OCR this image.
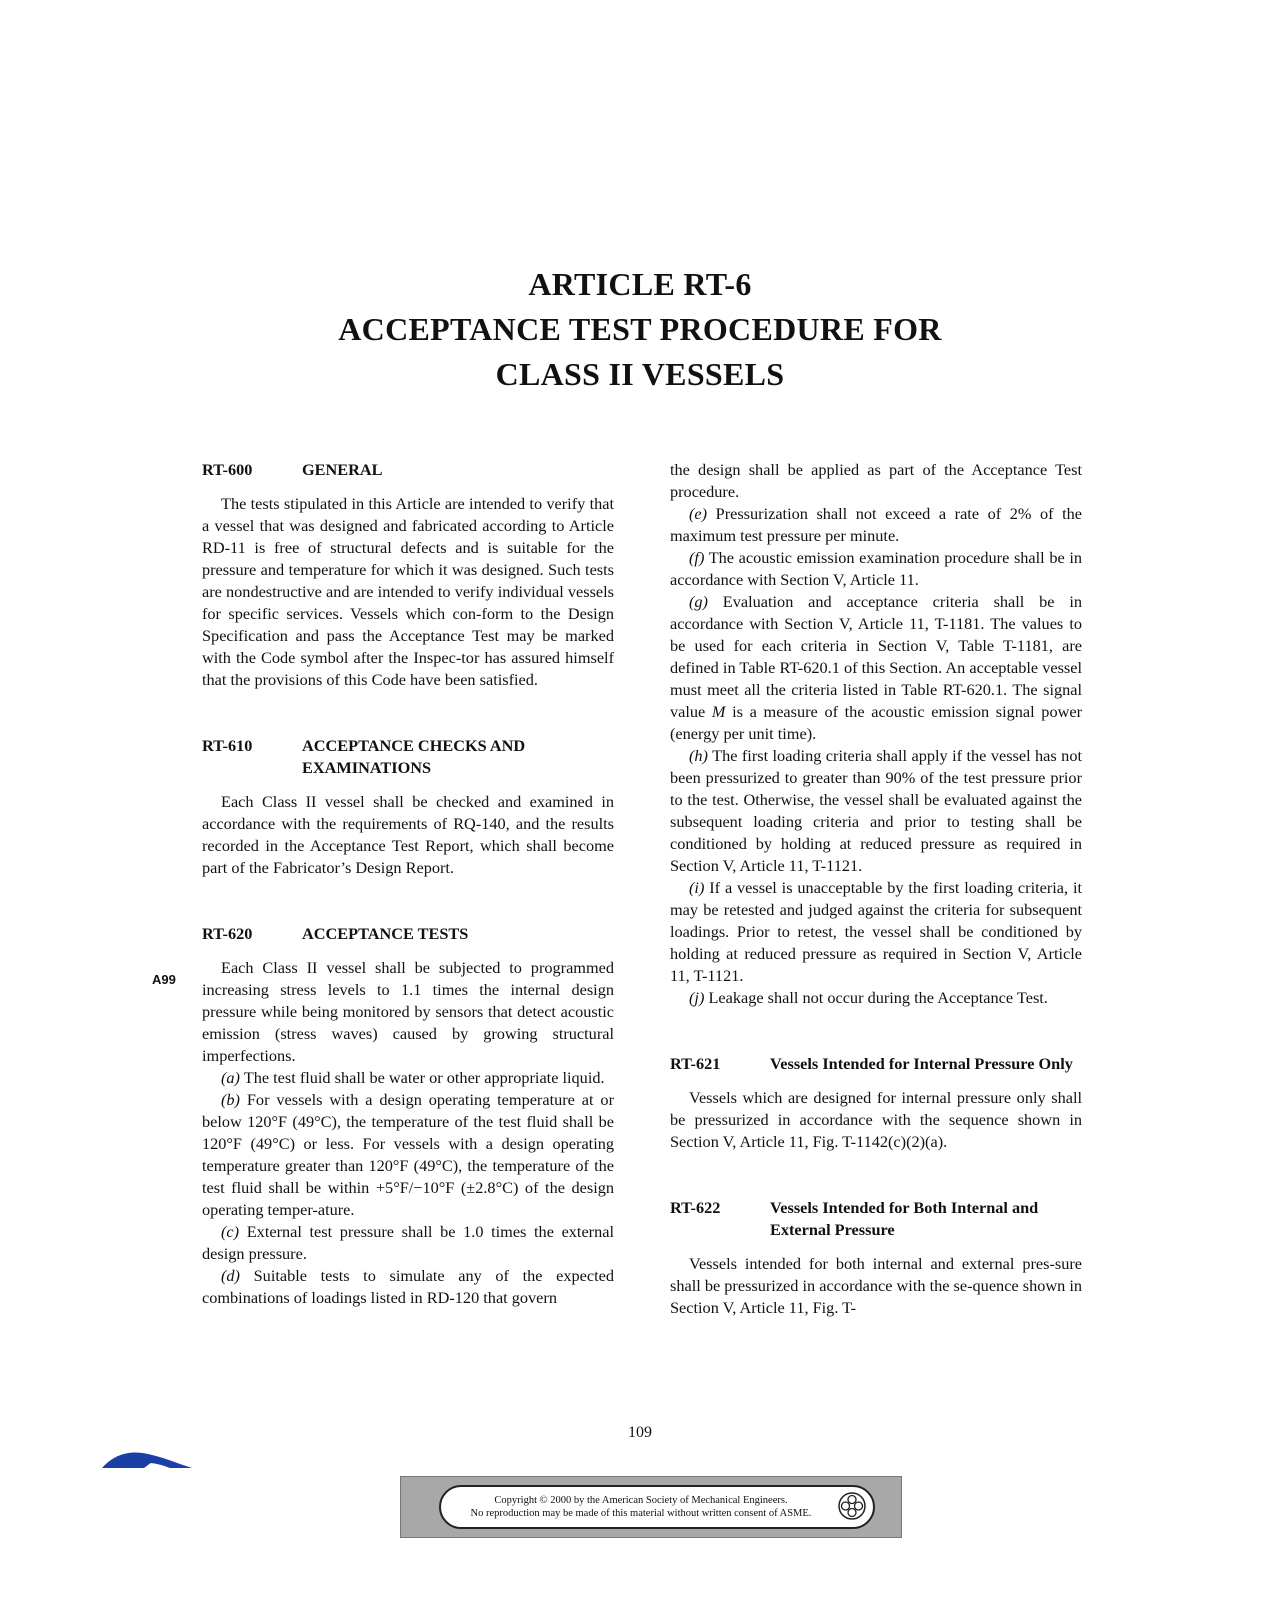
ARTICLE RT-6
ACCEPTANCE TEST PROCEDURE FOR
CLASS II VESSELS
A99
RT-600	GENERAL

The tests stipulated in this Article are intended to verify that a vessel that was designed and fabricated according to Article RD-11 is free of structural defects and is suitable for the pressure and temperature for which it was designed. Such tests are nondestructive and are intended to verify individual vessels for specific services. Vessels which con-form to the Design Specification and pass the Acceptance Test may be marked with the Code symbol after the Inspec-tor has assured himself that the provisions of this Code have been satisfied.

RT-610	ACCEPTANCE CHECKS AND EXAMINATIONS

Each Class II vessel shall be checked and examined in accordance with the requirements of RQ-140, and the results recorded in the Acceptance Test Report, which shall become part of the Fabricator’s Design Report.

RT-620	ACCEPTANCE TESTS

Each Class II vessel shall be subjected to programmed increasing stress levels to 1.1 times the internal design pressure while being monitored by sensors that detect acoustic emission (stress waves) caused by growing structural imperfections.

(a) The test fluid shall be water or other appropriate liquid.

(b) For vessels with a design operating temperature at or below 120°F (49°C), the temperature of the test fluid shall be 120°F (49°C) or less. For vessels with a design operating temperature greater than 120°F (49°C), the temperature of the test fluid shall be within +5°F/−10°F (±2.8°C) of the design operating temper-ature.

(c) External test pressure shall be 1.0 times the external design pressure.

(d) Suitable tests to simulate any of the expected combinations of loadings listed in RD-120 that govern

the design shall be applied as part of the Acceptance Test procedure.

(e) Pressurization shall not exceed a rate of 2% of the maximum test pressure per minute.

(f) The acoustic emission examination procedure shall be in accordance with Section V, Article 11.

(g) Evaluation and acceptance criteria shall be in accordance with Section V, Article 11, T-1181. The values to be used for each criteria in Section V, Table T-1181, are defined in Table RT-620.1 of this Section. An acceptable vessel must meet all the criteria listed in Table RT-620.1. The signal value M is a measure of the acoustic emission signal power (energy per unit time).

(h) The first loading criteria shall apply if the vessel has not been pressurized to greater than 90% of the test pressure prior to the test. Otherwise, the vessel shall be evaluated against the subsequent loading criteria and prior to testing shall be conditioned by holding at reduced pressure as required in Section V, Article 11, T-1121.

(i) If a vessel is unacceptable by the first loading criteria, it may be retested and judged against the criteria for subsequent loadings. Prior to retest, the vessel shall be conditioned by holding at reduced pressure as required in Section V, Article 11, T-1121.

(j) Leakage shall not occur during the Acceptance Test.

RT-621	Vessels Intended for Internal Pressure Only

Vessels which are designed for internal pressure only shall be pressurized in accordance with the sequence shown in Section V, Article 11, Fig. T-1142(c)(2)(a).

RT-622	Vessels Intended for Both Internal and External Pressure

Vessels intended for both internal and external pres-sure shall be pressurized in accordance with the se-quence shown in Section V, Article 11, Fig. T-

109
Copyright © 2000 by the American Society of Mechanical Engineers.
No reproduction may be made of this material without written consent of ASME.
